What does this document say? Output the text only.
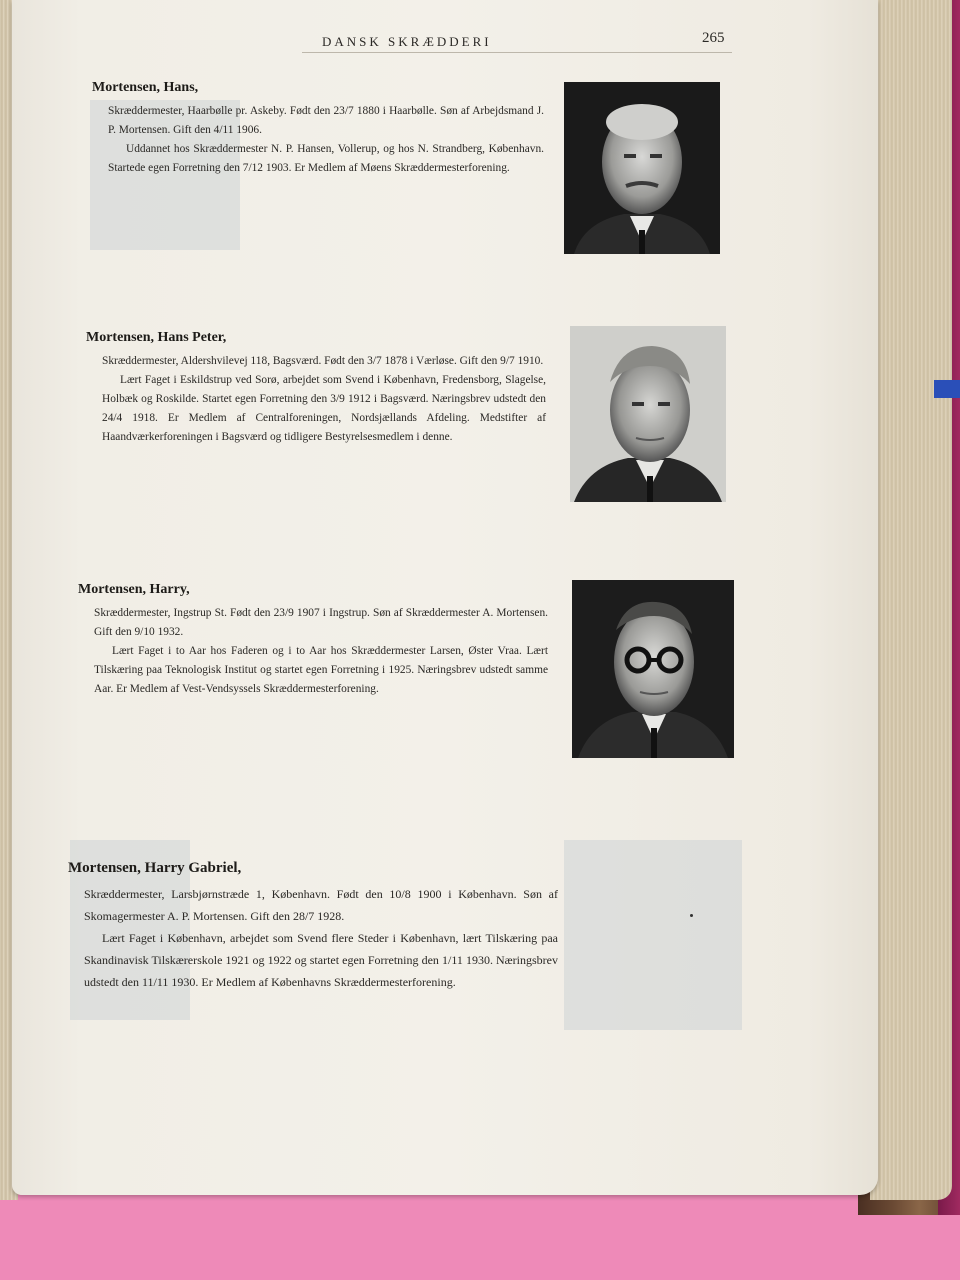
DANSK SKRÆDDERI	265
Mortensen, Hans,

Skræddermester, Haarbølle pr. Askeby. Født den 23/7 1880 i Haarbølle. Søn af Arbejdsmand J. P. Mortensen. Gift den 4/11 1906.

Uddannet hos Skræddermester N. P. Hansen, Vollerup, og hos N. Strandberg, København. Startede egen Forretning den 7/12 1903. Er Medlem af Møens Skræddermesterforening.

Mortensen, Hans Peter,

Skræddermester, Aldershvilevej 118, Bagsværd. Født den 3/7 1878 i Værløse. Gift den 9/7 1910.

Lært Faget i Eskildstrup ved Sorø, arbejdet som Svend i København, Fredensborg, Slagelse, Holbæk og Roskilde. Startet egen Forretning den 3/9 1912 i Bagsværd. Næringsbrev udstedt den 24/4 1918. Er Medlem af Centralforeningen, Nordsjællands Afdeling. Medstifter af Haandværkerforeningen i Bagsværd og tidligere Bestyrelsesmedlem i denne.

Mortensen, Harry,

Skræddermester, Ingstrup St. Født den 23/9 1907 i Ingstrup. Søn af Skræddermester A. Mortensen. Gift den 9/10 1932.

Lært Faget i to Aar hos Faderen og i to Aar hos Skræddermester Larsen, Øster Vraa. Lært Tilskæring paa Teknologisk Institut og startet egen Forretning i 1925. Næringsbrev udstedt samme Aar. Er Medlem af Vest-Vendsyssels Skræddermesterforening.

Mortensen, Harry Gabriel,

Skræddermester, Larsbjørnstræde 1, København. Født den 10/8 1900 i København. Søn af Skomagermester A. P. Mortensen. Gift den 28/7 1928.

Lært Faget i København, arbejdet som Svend flere Steder i København, lært Tilskæring paa Skandinavisk Tilskærerskole 1921 og 1922 og startet egen Forretning den 1/11 1930. Næringsbrev udstedt den 11/11 1930. Er Medlem af Københavns Skræddermesterforening.
